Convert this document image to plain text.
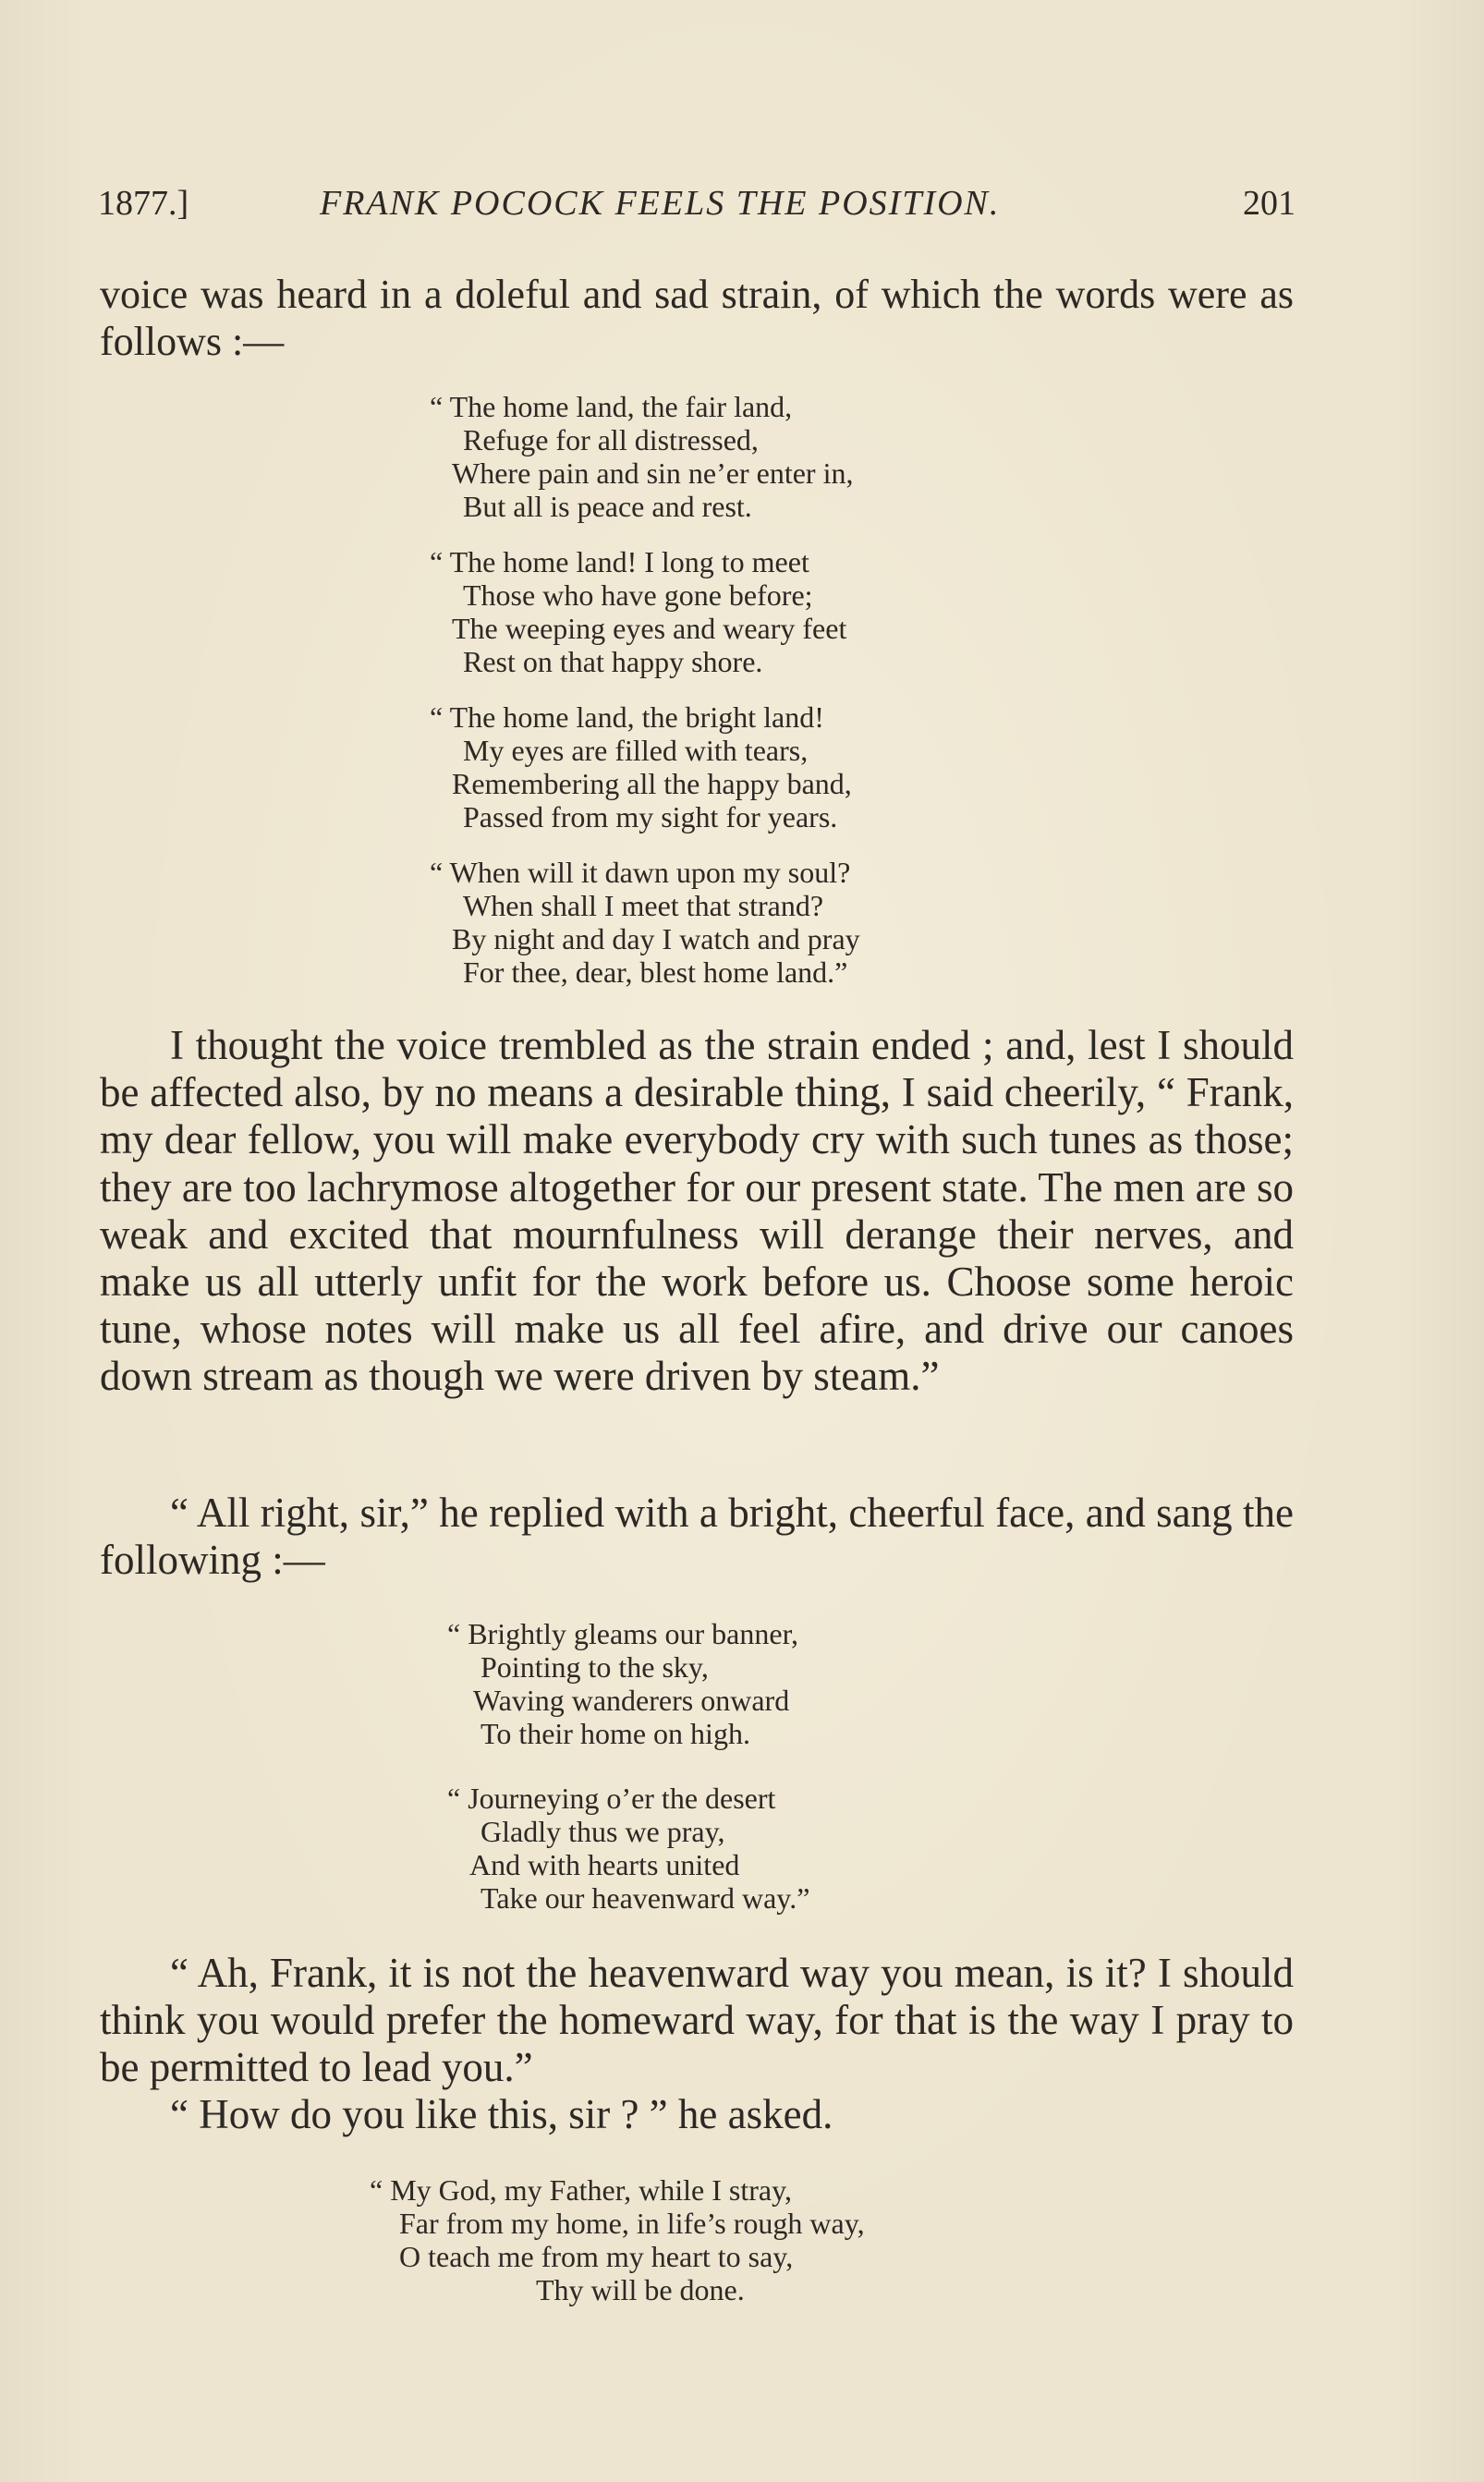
1877.]	FRANK POCOCK FEELS THE POSITION.	201

voice was heard in a doleful and sad strain, of which the words were as follows :—

“ The home land, the fair land,
Refuge for all distressed,
Where pain and sin ne’er enter in,
But all is peace and rest.
“ The home land! I long to meet
Those who have gone before;
The weeping eyes and weary feet
Rest on that happy shore.
“ The home land, the bright land!
My eyes are filled with tears,
Remembering all the happy band,
Passed from my sight for years.
“ When will it dawn upon my soul?
When shall I meet that strand?
By night and day I watch and pray
For thee, dear, blest home land.”

I thought the voice trembled as the strain ended ; and, lest I should be affected also, by no means a desirable thing, I said cheerily, “ Frank, my dear fellow, you will make everybody cry with such tunes as those; they are too lachrymose altogether for our present state. The men are so weak and excited that mournfulness will derange their nerves, and make us all utterly unfit for the work before us. Choose some heroic tune, whose notes will make us all feel afire, and drive our canoes down stream as though we were driven by steam.”

“ All right, sir,” he replied with a bright, cheerful face, and sang the following :—

“ Brightly gleams our banner,
Pointing to the sky,
Waving wanderers onward
To their home on high.
“ Journeying o’er the desert
Gladly thus we pray,
And with hearts united
Take our heavenward way.”

“ Ah, Frank, it is not the heavenward way you mean, is it? I should think you would prefer the homeward way, for that is the way I pray to be permitted to lead you.”

“ How do you like this, sir ? ” he asked.

“ My God, my Father, while I stray,
Far from my home, in life’s rough way,
O teach me from my heart to say,
Thy will be done.
